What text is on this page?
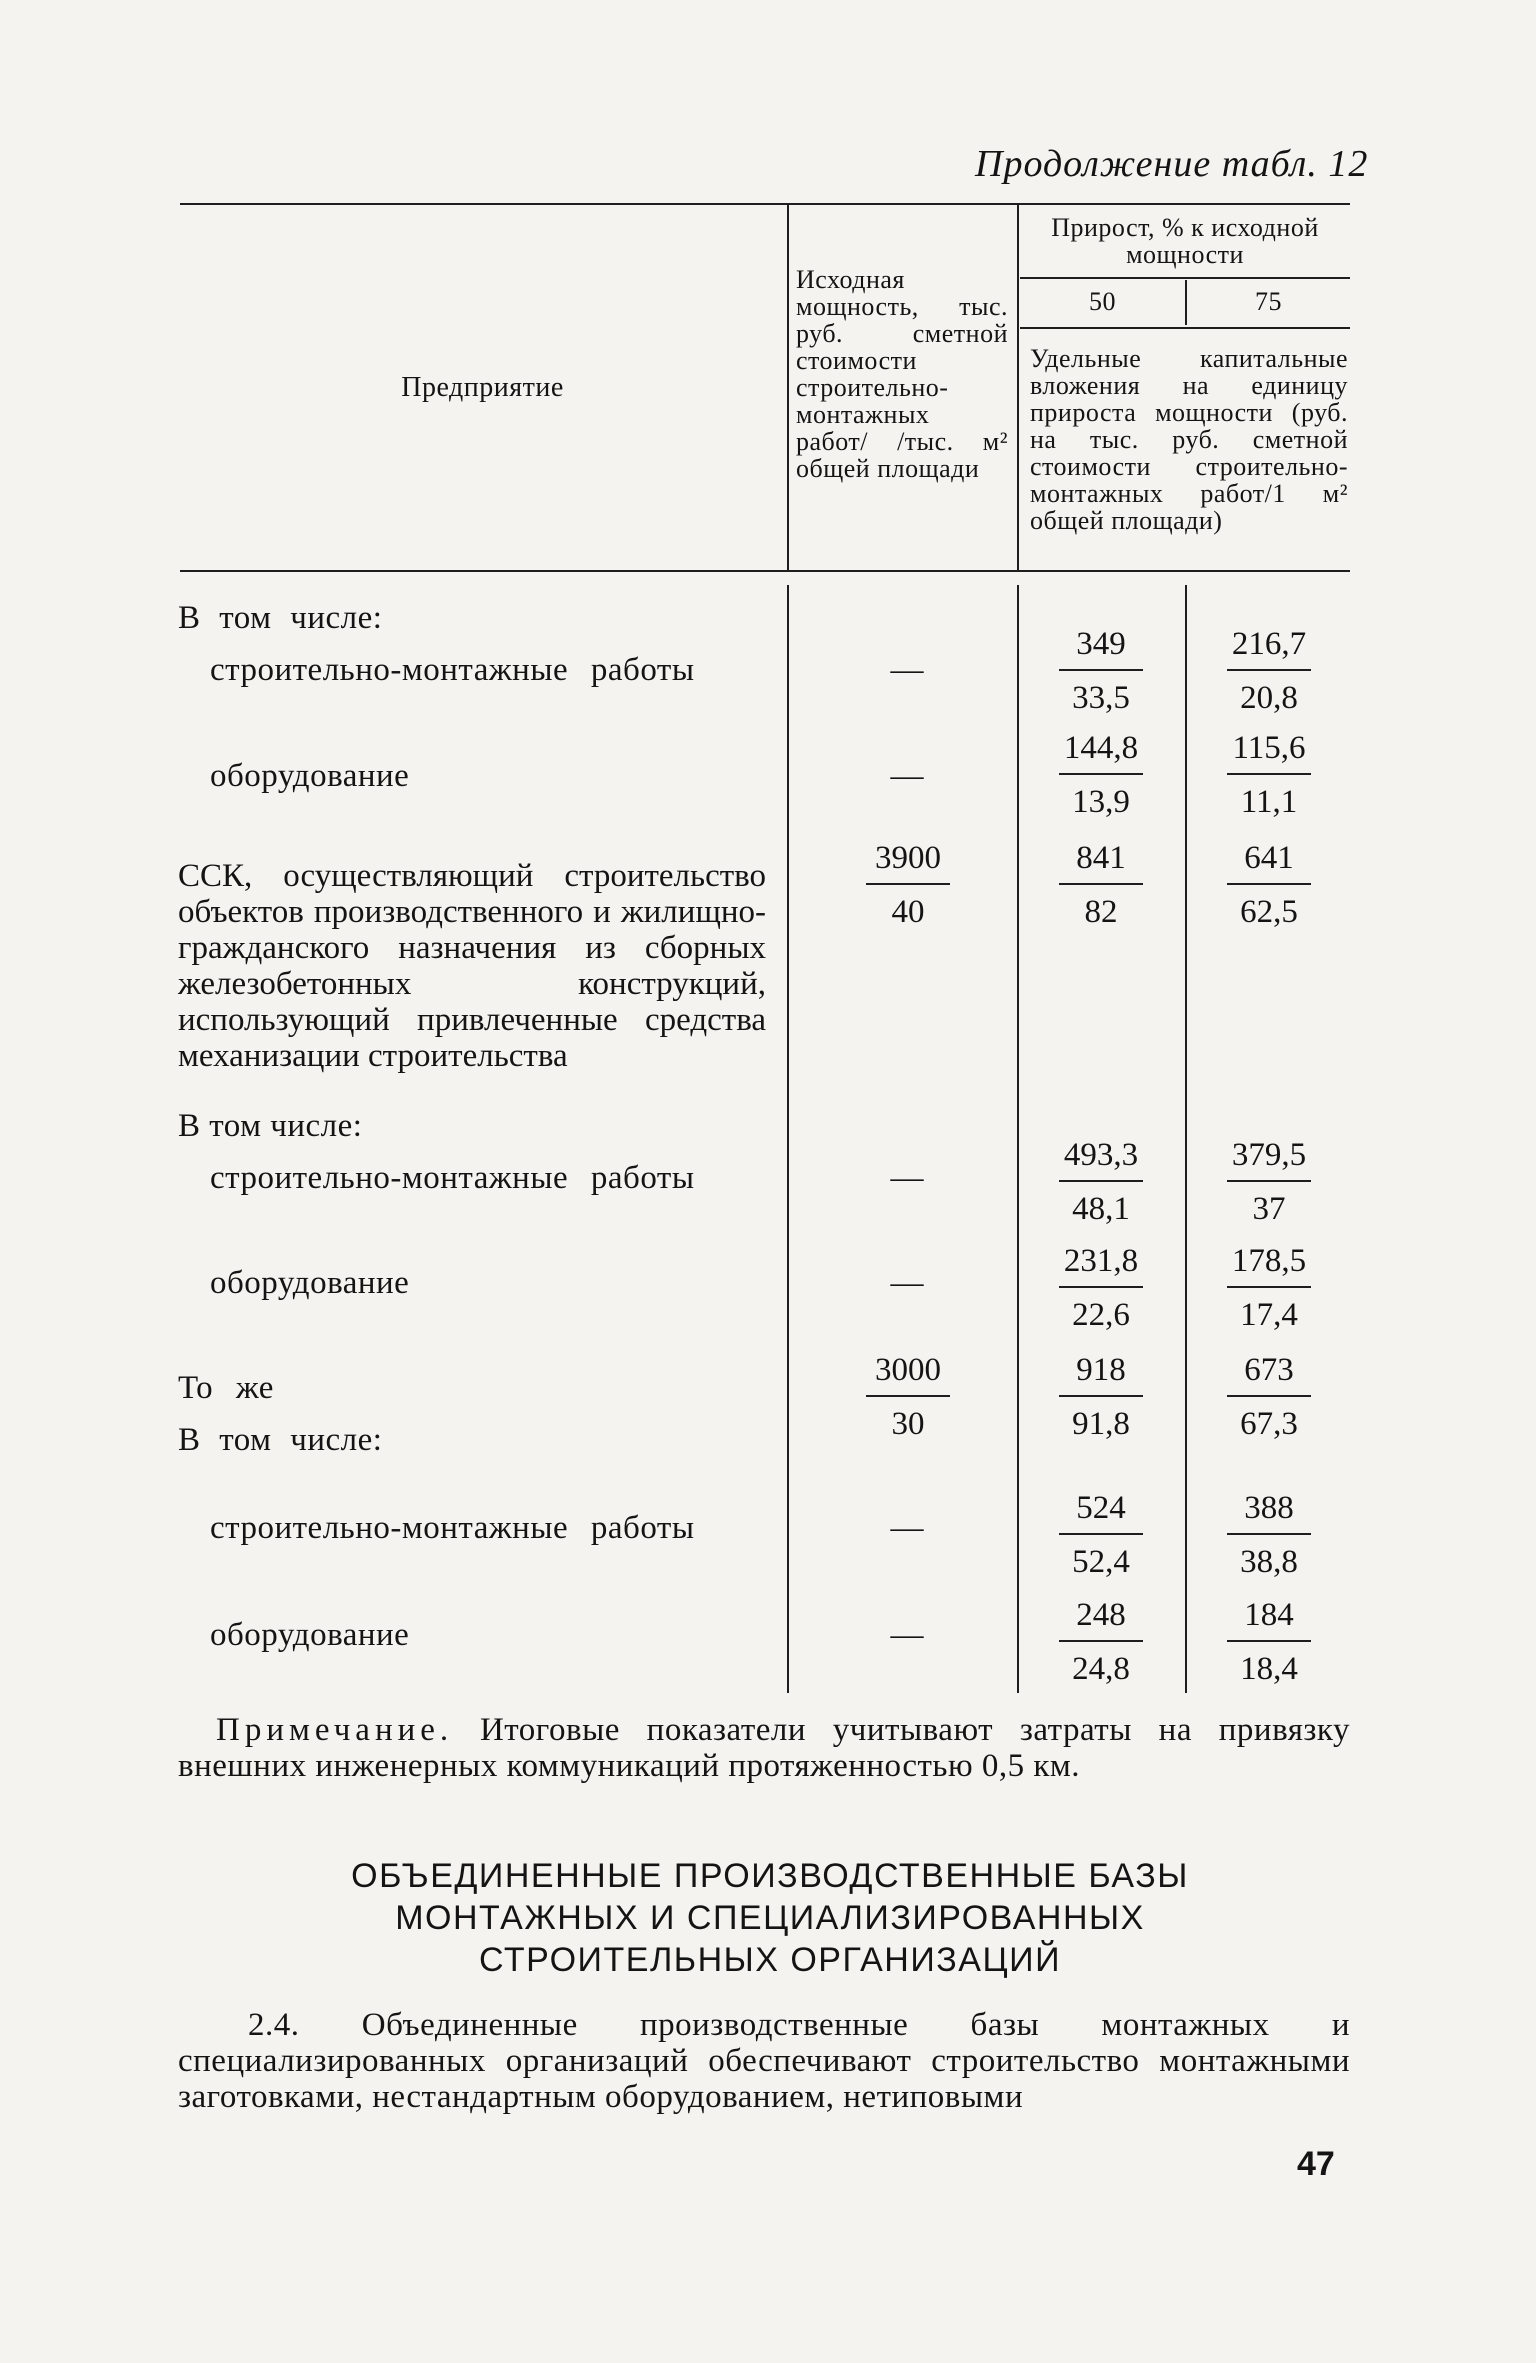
Продолжение табл. 12
Предприятие
Исходная мощность, тыс. руб. сметной стоимости строительно-монтажных работ/ /тыс. м² общей площади
Прирост, % к исходной мощности
50	75
Удельные капитальные вложения на единицу прироста мощности (руб. на тыс. руб. сметной стоимости строительно-монтажных работ/1 м² общей площади)
В том числе:
строительно-монтажные работы
оборудование
ССК, осуществляющий строительство объектов производственного и жилищно-гражданского назначения из сборных железобетонных конструкций, использующий привлеченные средства механизации строительства
В том числе:
строительно-монтажные работы
оборудование
То же
В том числе:
строительно-монтажные работы
оборудование
—
—
3900
40
—
—
3000
30
—
—
349
33,5
144,8
13,9
841
82
493,3
48,1
231,8
22,6
918
91,8
524
52,4
248
24,8
216,7
20,8
115,6
11,1
641
62,5
379,5
37
178,5
17,4
673
67,3
388
38,8
184
18,4
Примечание. Итоговые показатели учитывают затраты на привязку внешних инженерных коммуникаций протяженностью 0,5 км.
ОБЪЕДИНЕННЫЕ ПРОИЗВОДСТВЕННЫЕ БАЗЫ МОНТАЖНЫХ И СПЕЦИАЛИЗИРОВАННЫХ СТРОИТЕЛЬНЫХ ОРГАНИЗАЦИЙ
2.4. Объединенные производственные базы монтажных и специализированных организаций обеспечивают строительство монтажными заготовками, нестандартным оборудованием, нетиповыми
47
